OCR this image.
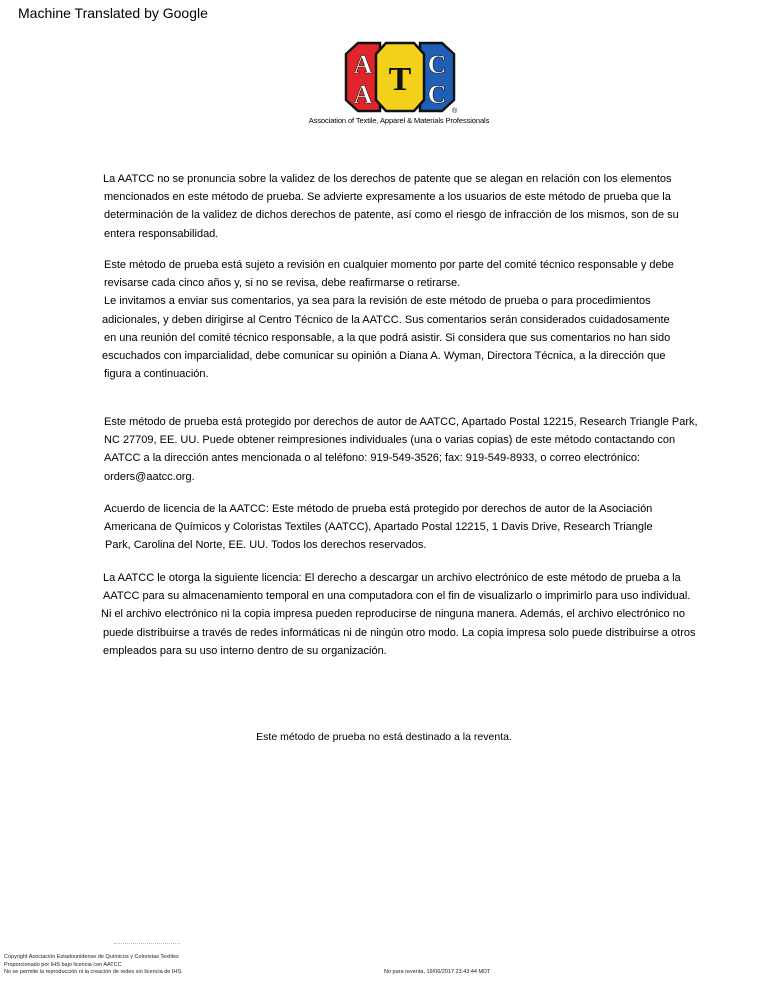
Machine Translated by Google
A
A T C
C
®
Association of Textile, Apparel & Materials Professionals
La AATCC no se pronuncia sobre la validez de los derechos de patente que se alegan en relación con los elementos
mencionados en este método de prueba. Se advierte expresamente a los usuarios de este método de prueba que la
determinación de la validez de dichos derechos de patente, así como el riesgo de infracción de los mismos, son de su
entera responsabilidad.
Este método de prueba está sujeto a revisión en cualquier momento por parte del comité técnico responsable y debe
revisarse cada cinco años y, si no se revisa, debe reafirmarse o retirarse.
Le invitamos a enviar sus comentarios, ya sea para la revisión de este método de prueba o para procedimientos
adicionales, y deben dirigirse al Centro Técnico de la AATCC. Sus comentarios serán considerados cuidadosamente
en una reunión del comité técnico responsable, a la que podrá asistir. Si considera que sus comentarios no han sido
escuchados con imparcialidad, debe comunicar su opinión a Diana A. Wyman, Directora Técnica, a la dirección que
figura a continuación.
Este método de prueba está protegido por derechos de autor de AATCC, Apartado Postal 12215, Research Triangle Park,
NC 27709, EE. UU. Puede obtener reimpresiones individuales (una o varias copias) de este método contactando con
AATCC a la dirección antes mencionada o al teléfono: 919-549-3526; fax: 919-549-8933, o correo electrónico:
orders@aatcc.org.
Acuerdo de licencia de la AATCC: Este método de prueba está protegido por derechos de autor de la Asociación
Americana de Químicos y Coloristas Textiles (AATCC), Apartado Postal 12215, 1 Davis Drive, Research Triangle
Park, Carolina del Norte, EE. UU. Todos los derechos reservados.
La AATCC le otorga la siguiente licencia: El derecho a descargar un archivo electrónico de este método de prueba a la
AATCC para su almacenamiento temporal en una computadora con el fin de visualizarlo o imprimirlo para uso individual.
Ni el archivo electrónico ni la copia impresa pueden reproducirse de ninguna manera. Además, el archivo electrónico no
puede distribuirse a través de redes informáticas ni de ningún otro modo. La copia impresa solo puede distribuirse a otros
empleados para su uso interno dentro de su organización.
Este método de prueba no está destinado a la reventa.
Copyright Asociación Estadounidense de Químicos y Coloristas Textiles
Proporcionado por IHS bajo licencia con AATCC
No se permite la reproducción ni la creación de redes sin licencia de IHS.	No para reventa, 19/06/2017 23:43:44 MDT
